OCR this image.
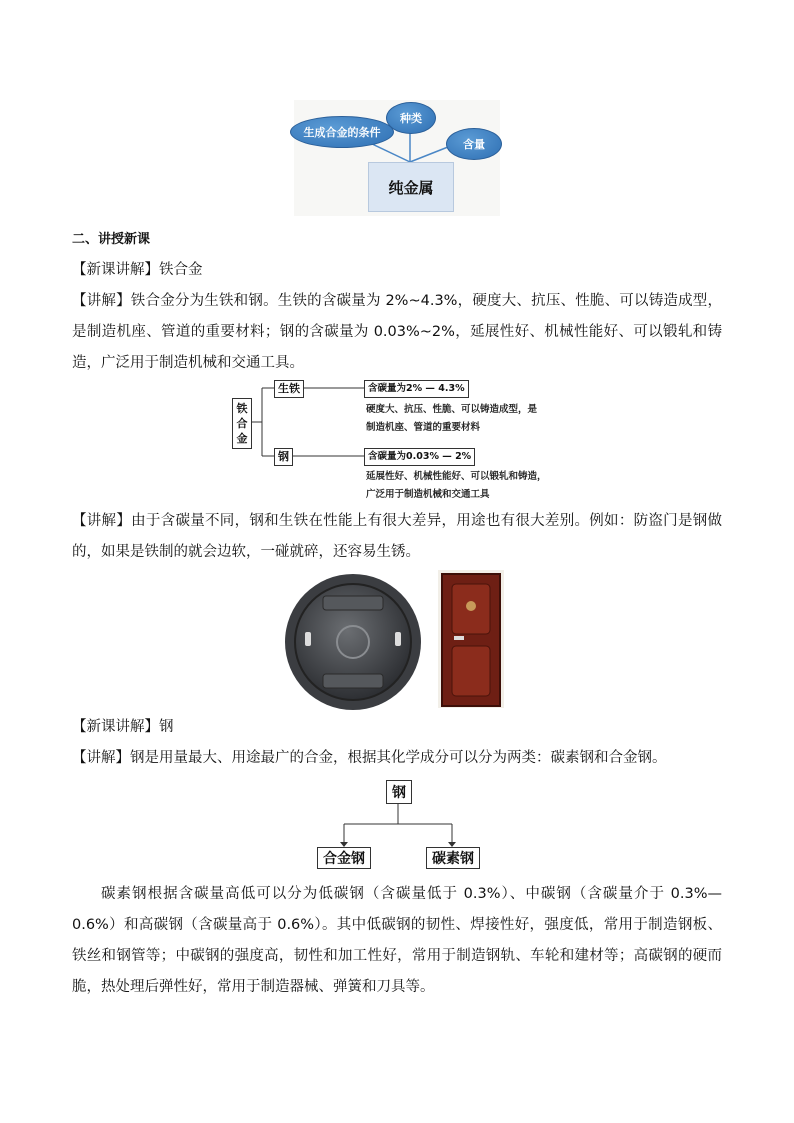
纯金属
生成合金的条件
种类
含量
二、讲授新课
【新课讲解】铁合金
【讲解】铁合金分为生铁和钢。生铁的含碳量为 2%~4.3%，硬度大、抗压、性脆、可以铸造成型，是制造机座、管道的重要材料；钢的含碳量为 0.03%~2%，延展性好、机械性能好、可以锻轧和铸造，广泛用于制造机械和交通工具。
铁合金
生铁
钢
含碳量为2% — 4.3%
硬度大、抗压、性脆、可以铸造成型，是
制造机座、管道的重要材料
含碳量为0.03% — 2%
延展性好、机械性能好、可以锻轧和铸造，
广泛用于制造机械和交通工具
【讲解】由于含碳量不同，钢和生铁在性能上有很大差异，用途也有很大差别。例如：防盗门是钢做的，如果是铁制的就会边软，一碰就碎，还容易生锈。
【新课讲解】钢
【讲解】钢是用量最大、用途最广的合金，根据其化学成分可以分为两类：碳素钢和合金钢。
钢
合金钢	碳素钢
碳素钢根据含碳量高低可以分为低碳钢（含碳量低于 0.3%）、中碳钢（含碳量介于 0.3%—0.6%）和高碳钢（含碳量高于 0.6%）。其中低碳钢的韧性、焊接性好，强度低，常用于制造钢板、铁丝和钢管等；中碳钢的强度高，韧性和加工性好，常用于制造钢轨、车轮和建材等；高碳钢的硬而脆，热处理后弹性好，常用于制造器械、弹簧和刀具等。
